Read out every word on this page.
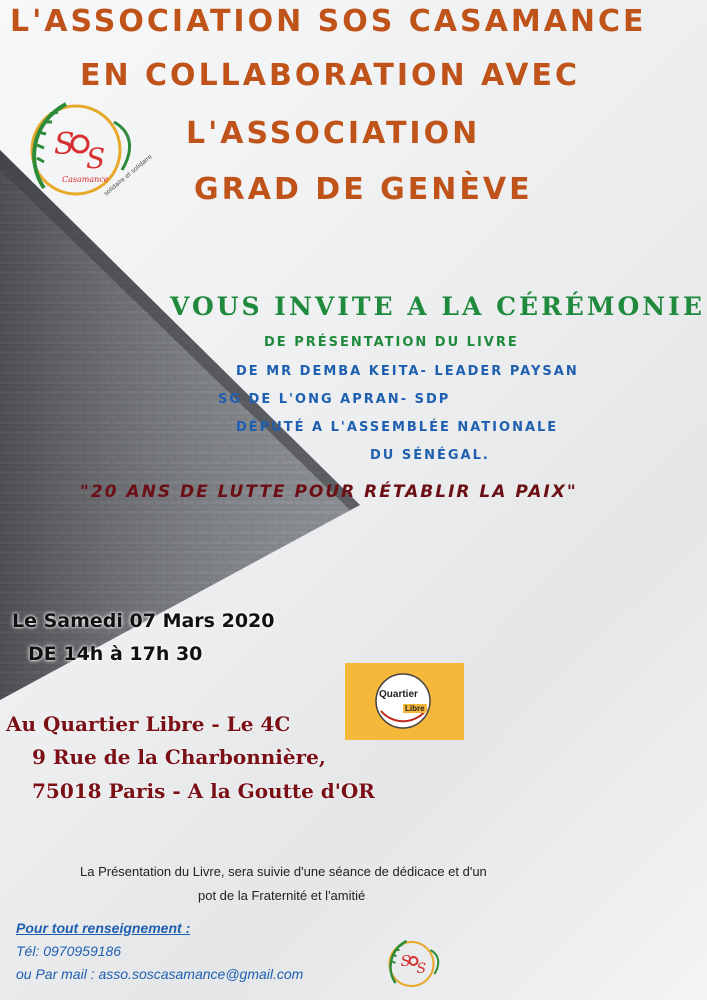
L'ASSOCIATION SOS CASAMANCE
EN COLLABORATION AVEC
L'ASSOCIATION
GRAD DE GENÈVE
S S
Casamance
solidaire et solidaire
VOUS INVITE A LA CÉRÉMONIE
DE PRÉSENTATION DU LIVRE
DE MR DEMBA KEITA- LEADER PAYSAN
SG DE L'ONG APRAN- SDP
DÉPUTÉ A L'ASSEMBLÉE NATIONALE
DU SÉNÉGAL.
"20 ANS DE LUTTE POUR RÉTABLIR LA PAIX"
Le Samedi 07 Mars 2020
DE 14h à 17h 30
Quartier
Libre
Au Quartier Libre - Le 4C
9 Rue de la Charbonnière,
75018 Paris - A la Goutte d'OR
La Présentation du Livre, sera suivie d'une séance de dédicace et d'un
pot de la Fraternité et l'amitié
Pour tout renseignement :
Tél: 0970959186
ou Par mail : asso.soscasamance@gmail.com
S S
